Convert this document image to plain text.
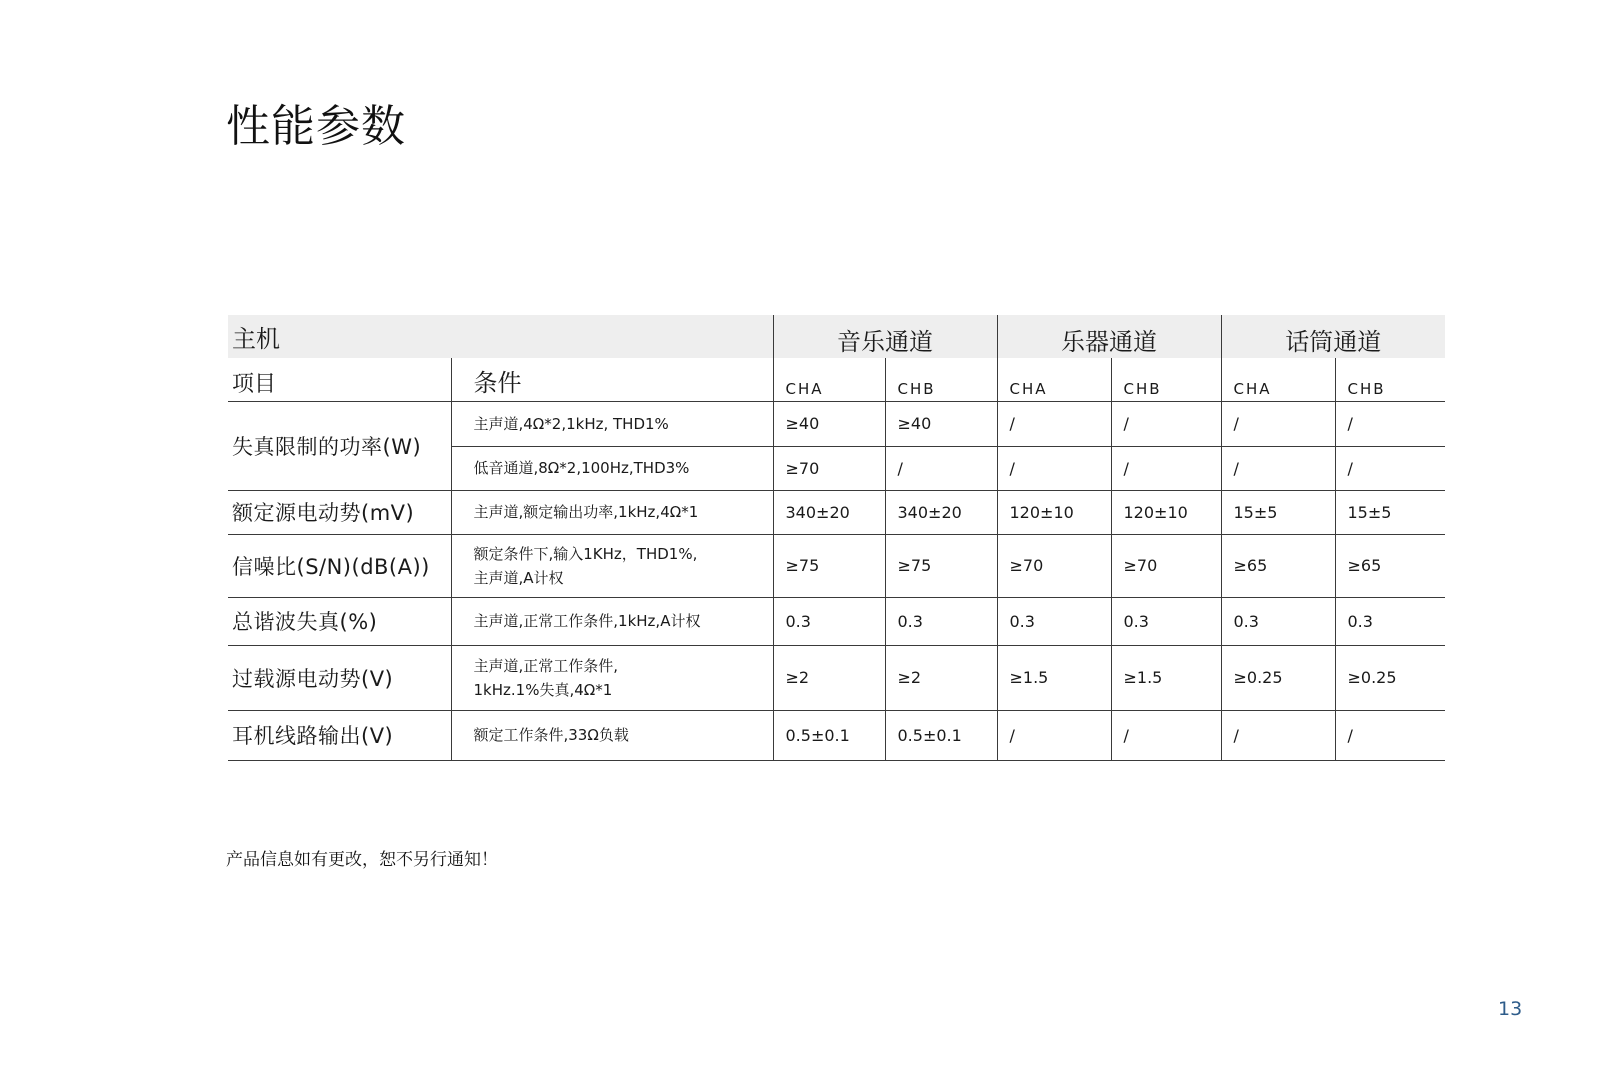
性能参数
主机		音乐通道		乐器通道		话筒通道	
项目	条件	CHA	CHB	CHA	CHB	CHA	CHB
失真限制的功率(W)	主声道,4Ω*2,1kHz, THD1%	≥40	≥40	/	/	/	/
	低音通道,8Ω*2,100Hz,THD3%	≥70	/	/	/	/	/
额定源电动势(mV)	主声道,额定输出功率,1kHz,4Ω*1	340±20	340±20	120±10	120±10	15±5	15±5
信噪比(S/N)(dB(A))	额定条件下,输入1KHz，THD1%,
主声道,A计权	≥75	≥75	≥70	≥70	≥65	≥65
总谐波失真(%)	主声道,正常工作条件,1kHz,A计权	0.3	0.3	0.3	0.3	0.3	0.3
过载源电动势(V)	主声道,正常工作条件,
1kHz.1%失真,4Ω*1	≥2	≥2	≥1.5	≥1.5	≥0.25	≥0.25
耳机线路输出(V)	额定工作条件,33Ω负载	0.5±0.1	0.5±0.1	/	/	/	/
产品信息如有更改，恕不另行通知！
13
